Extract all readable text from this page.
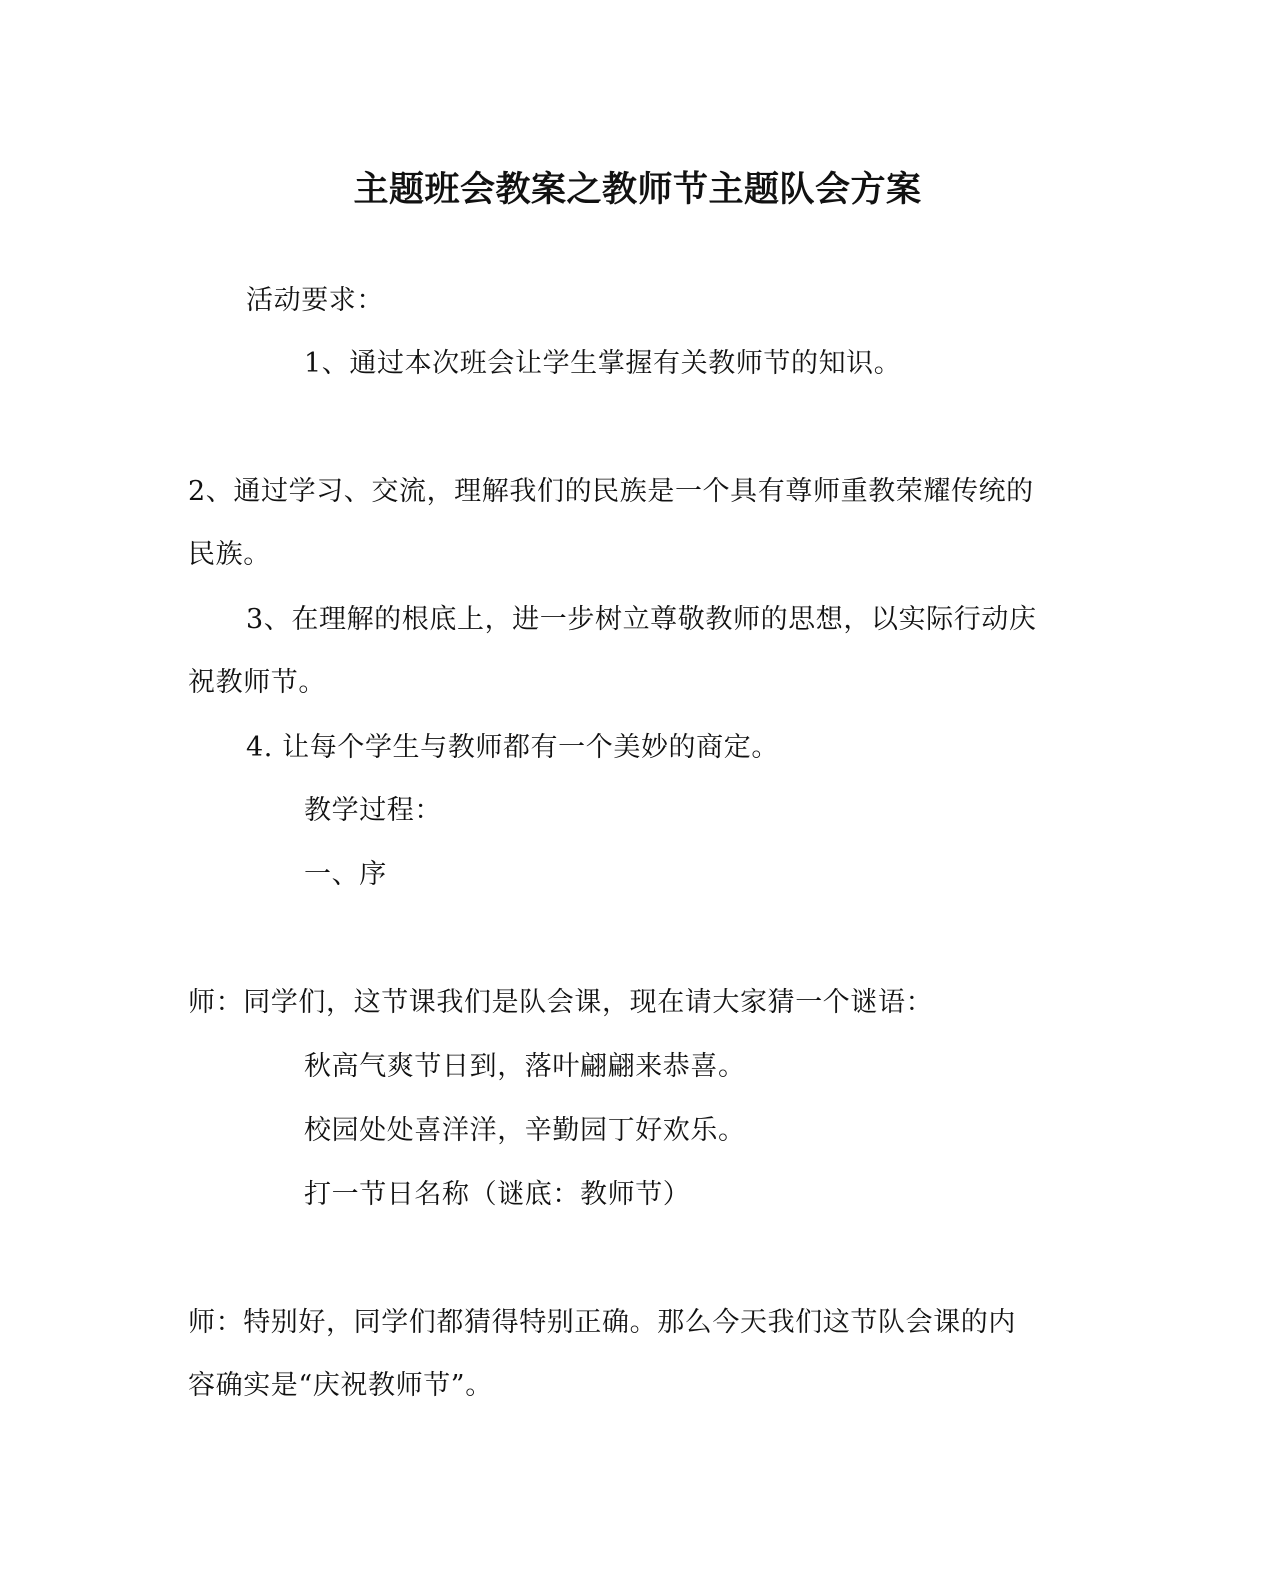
主题班会教案之教师节主题队会方案
活动要求：
1、通过本次班会让学生掌握有关教师节的知识。
2、通过学习、交流，理解我们的民族是一个具有尊师重教荣耀传统的
民族。
3、在理解的根底上，进一步树立尊敬教师的思想，以实际行动庆
祝教师节。
4. 让每个学生与教师都有一个美妙的商定。
教学过程：
一、序
师：同学们，这节课我们是队会课，现在请大家猜一个谜语：
秋高气爽节日到，落叶翩翩来恭喜。
校园处处喜洋洋，辛勤园丁好欢乐。
打一节日名称（谜底：教师节）
师：特别好，同学们都猜得特别正确。那么今天我们这节队会课的内
容确实是“庆祝教师节”。
